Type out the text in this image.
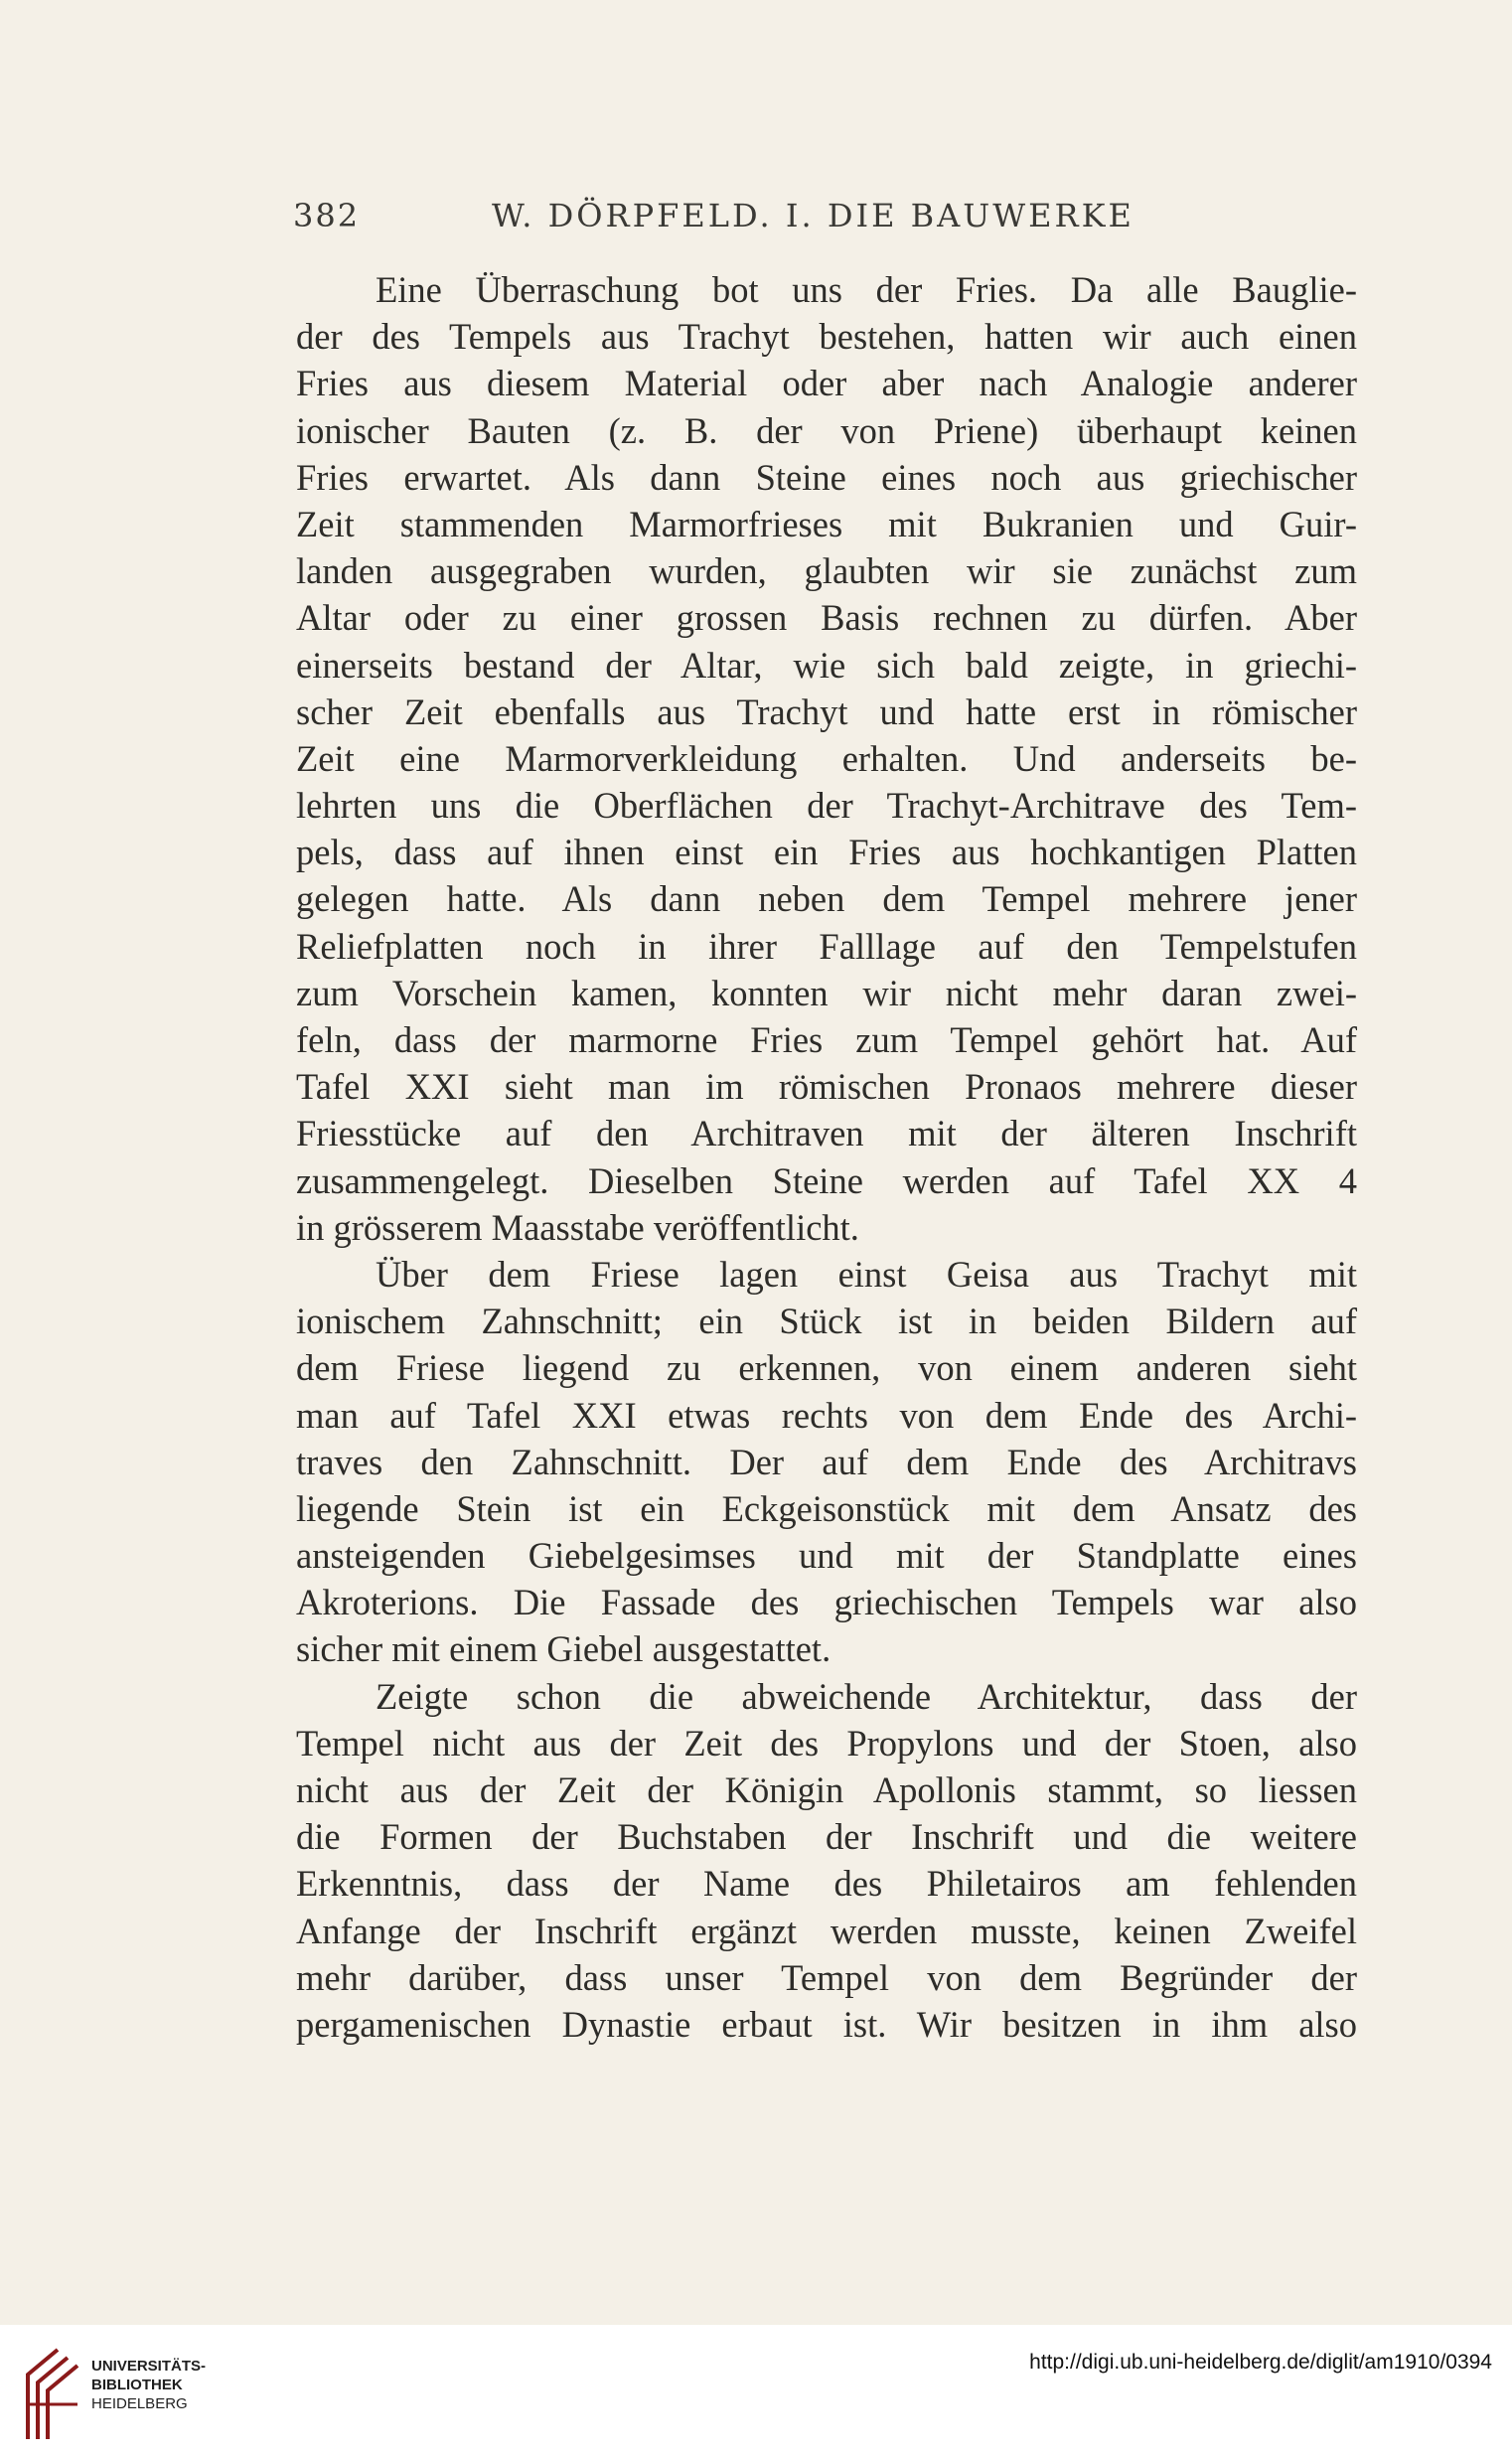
382	W. DÖRPFELD. I. DIE BAUWERKE
Eine Überraschung bot uns der Fries. Da alle Bauglie-
der des Tempels aus Trachyt bestehen, hatten wir auch einen
Fries aus diesem Material oder aber nach Analogie anderer
ionischer Bauten (z. B. der von Priene) überhaupt keinen
Fries erwartet. Als dann Steine eines noch aus griechischer
Zeit stammenden Marmorfrieses mit Bukranien und Guir-
landen ausgegraben wurden, glaubten wir sie zunächst zum
Altar oder zu einer grossen Basis rechnen zu dürfen. Aber
einerseits bestand der Altar, wie sich bald zeigte, in griechi-
scher Zeit ebenfalls aus Trachyt und hatte erst in römischer
Zeit eine Marmorverkleidung erhalten. Und anderseits be-
lehrten uns die Oberflächen der Trachyt-Architrave des Tem-
pels, dass auf ihnen einst ein Fries aus hochkantigen Platten
gelegen hatte. Als dann neben dem Tempel mehrere jener
Reliefplatten noch in ihrer Falllage auf den Tempelstufen
zum Vorschein kamen, konnten wir nicht mehr daran zwei-
feln, dass der marmorne Fries zum Tempel gehört hat. Auf
Tafel XXI sieht man im römischen Pronaos mehrere dieser
Friesstücke auf den Architraven mit der älteren Inschrift
zusammengelegt. Dieselben Steine werden auf Tafel XX 4
in grösserem Maasstabe veröffentlicht.
Über dem Friese lagen einst Geisa aus Trachyt mit
ionischem Zahnschnitt; ein Stück ist in beiden Bildern auf
dem Friese liegend zu erkennen, von einem anderen sieht
man auf Tafel XXI etwas rechts von dem Ende des Archi-
traves den Zahnschnitt. Der auf dem Ende des Architravs
liegende Stein ist ein Eckgeisonstück mit dem Ansatz des
ansteigenden Giebelgesimses und mit der Standplatte eines
Akroterions. Die Fassade des griechischen Tempels war also
sicher mit einem Giebel ausgestattet.
Zeigte schon die abweichende Architektur, dass der
Tempel nicht aus der Zeit des Propylons und der Stoen, also
nicht aus der Zeit der Königin Apollonis stammt, so liessen
die Formen der Buchstaben der Inschrift und die weitere
Erkenntnis, dass der Name des Philetairos am fehlenden
Anfange der Inschrift ergänzt werden musste, keinen Zweifel
mehr darüber, dass unser Tempel von dem Begründer der
pergamenischen Dynastie erbaut ist. Wir besitzen in ihm also
UNIVERSITÄTS-
BIBLIOTHEK
HEIDELBERG
http://digi.ub.uni-heidelberg.de/diglit/am1910/0394
